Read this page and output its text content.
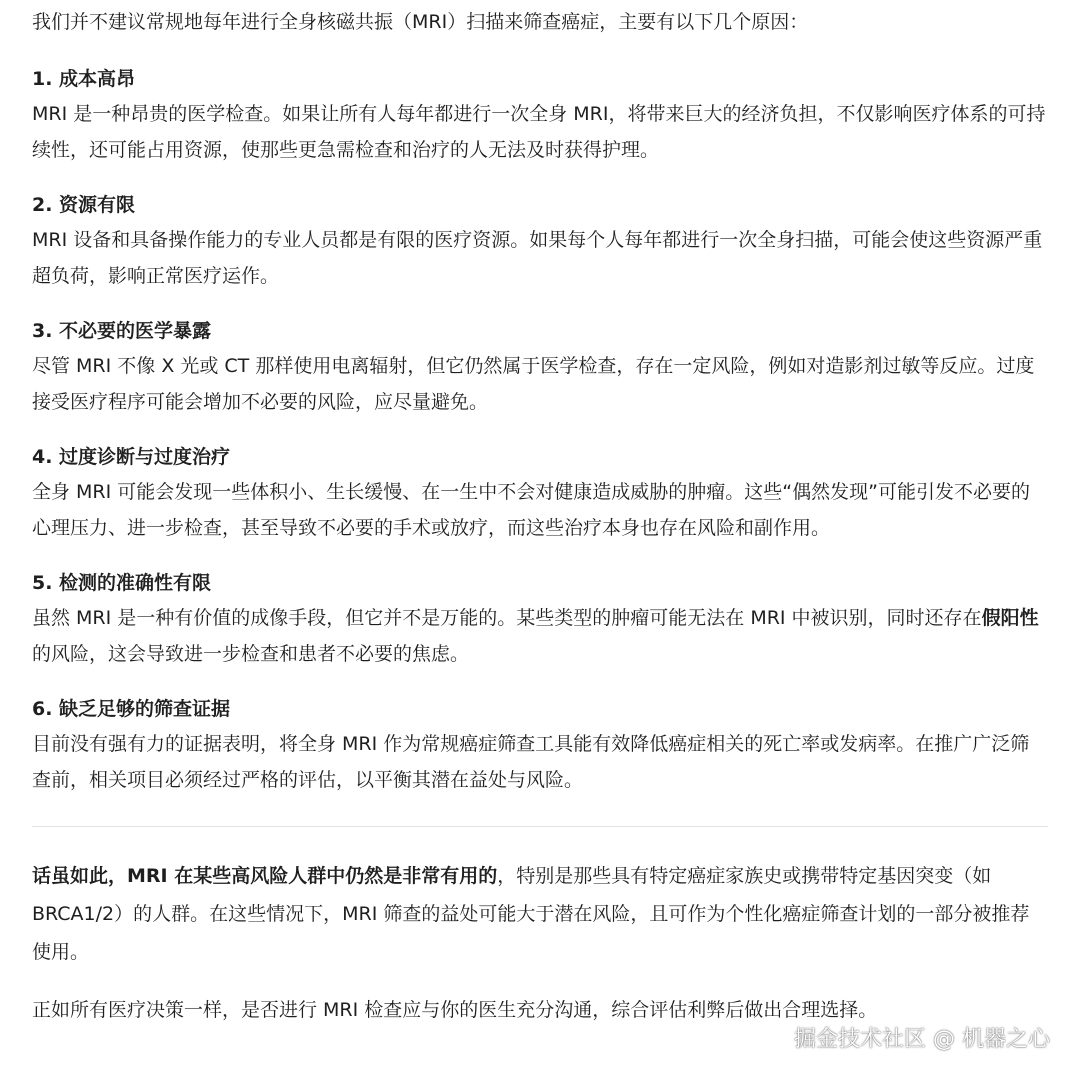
我们并不建议常规地每年进行全身核磁共振（MRI）扫描来筛查癌症，主要有以下几个原因：

1. 成本高昂

MRI 是一种昂贵的医学检查。如果让所有人每年都进行一次全身 MRI，将带来巨大的经济负担，不仅影响医疗体系的可持续性，还可能占用资源，使那些更急需检查和治疗的人无法及时获得护理。

2. 资源有限

MRI 设备和具备操作能力的专业人员都是有限的医疗资源。如果每个人每年都进行一次全身扫描，可能会使这些资源严重超负荷，影响正常医疗运作。

3. 不必要的医学暴露

尽管 MRI 不像 X 光或 CT 那样使用电离辐射，但它仍然属于医学检查，存在一定风险，例如对造影剂过敏等反应。过度接受医疗程序可能会增加不必要的风险，应尽量避免。

4. 过度诊断与过度治疗

全身 MRI 可能会发现一些体积小、生长缓慢、在一生中不会对健康造成威胁的肿瘤。这些“偶然发现”可能引发不必要的心理压力、进一步检查，甚至导致不必要的手术或放疗，而这些治疗本身也存在风险和副作用。

5. 检测的准确性有限

虽然 MRI 是一种有价值的成像手段，但它并不是万能的。某些类型的肿瘤可能无法在 MRI 中被识别，同时还存在假阳性的风险，这会导致进一步检查和患者不必要的焦虑。

6. 缺乏足够的筛查证据

目前没有强有力的证据表明，将全身 MRI 作为常规癌症筛查工具能有效降低癌症相关的死亡率或发病率。在推广广泛筛查前，相关项目必须经过严格的评估，以平衡其潜在益处与风险。

话虽如此，MRI 在某些高风险人群中仍然是非常有用的，特别是那些具有特定癌症家族史或携带特定基因突变（如 BRCA1/2）的人群。在这些情况下，MRI 筛查的益处可能大于潜在风险，且可作为个性化癌症筛查计划的一部分被推荐使用。

正如所有医疗决策一样，是否进行 MRI 检查应与你的医生充分沟通，综合评估利弊后做出合理选择。

掘金技术社区 @ 机器之心
